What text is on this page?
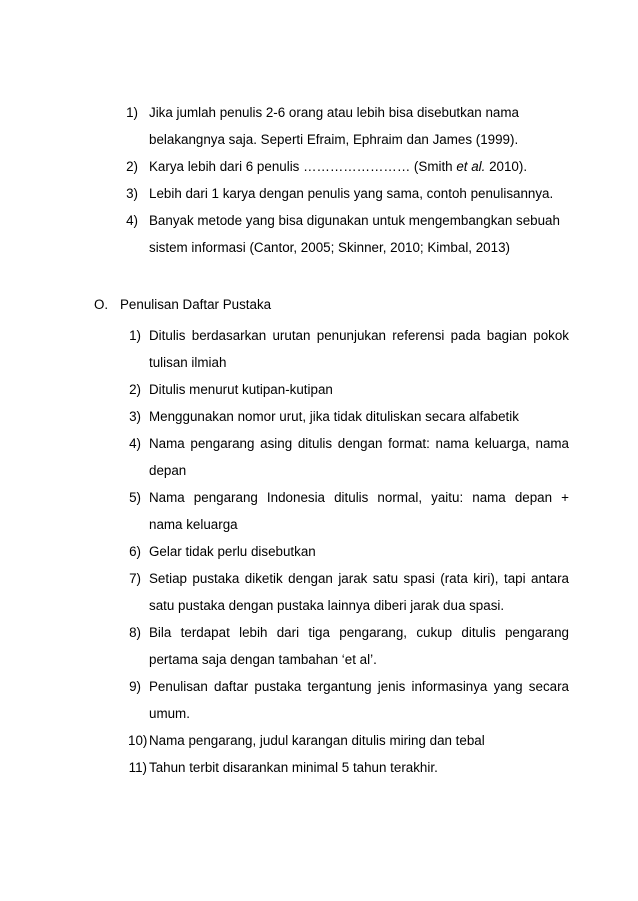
1) Jika jumlah penulis 2-6 orang atau lebih bisa disebutkan nama
belakangnya saja. Seperti Efraim, Ephraim dan James (1999).
2) Karya lebih dari 6 penulis …………………… (Smith et al. 2010).
3) Lebih dari 1 karya dengan penulis yang sama, contoh penulisannya.
4) Banyak metode yang bisa digunakan untuk mengembangkan sebuah
sistem informasi (Cantor, 2005; Skinner, 2010; Kimbal, 2013)
O. Penulisan Daftar Pustaka
1) Ditulis berdasarkan urutan penunjukan referensi pada bagian pokok
tulisan ilmiah
2) Ditulis menurut kutipan-kutipan
3) Menggunakan nomor urut, jika tidak dituliskan secara alfabetik
4) Nama pengarang asing ditulis dengan format: nama keluarga, nama
depan
5) Nama pengarang Indonesia ditulis normal, yaitu: nama depan +
nama keluarga
6) Gelar tidak perlu disebutkan
7) Setiap pustaka diketik dengan jarak satu spasi (rata kiri), tapi antara
satu pustaka dengan pustaka lainnya diberi jarak dua spasi.
8) Bila terdapat lebih dari tiga pengarang, cukup ditulis pengarang
pertama saja dengan tambahan ‘et al’.
9) Penulisan daftar pustaka tergantung jenis informasinya yang secara
umum.
10) Nama pengarang, judul karangan ditulis miring dan tebal
11) Tahun terbit disarankan minimal 5 tahun terakhir.
